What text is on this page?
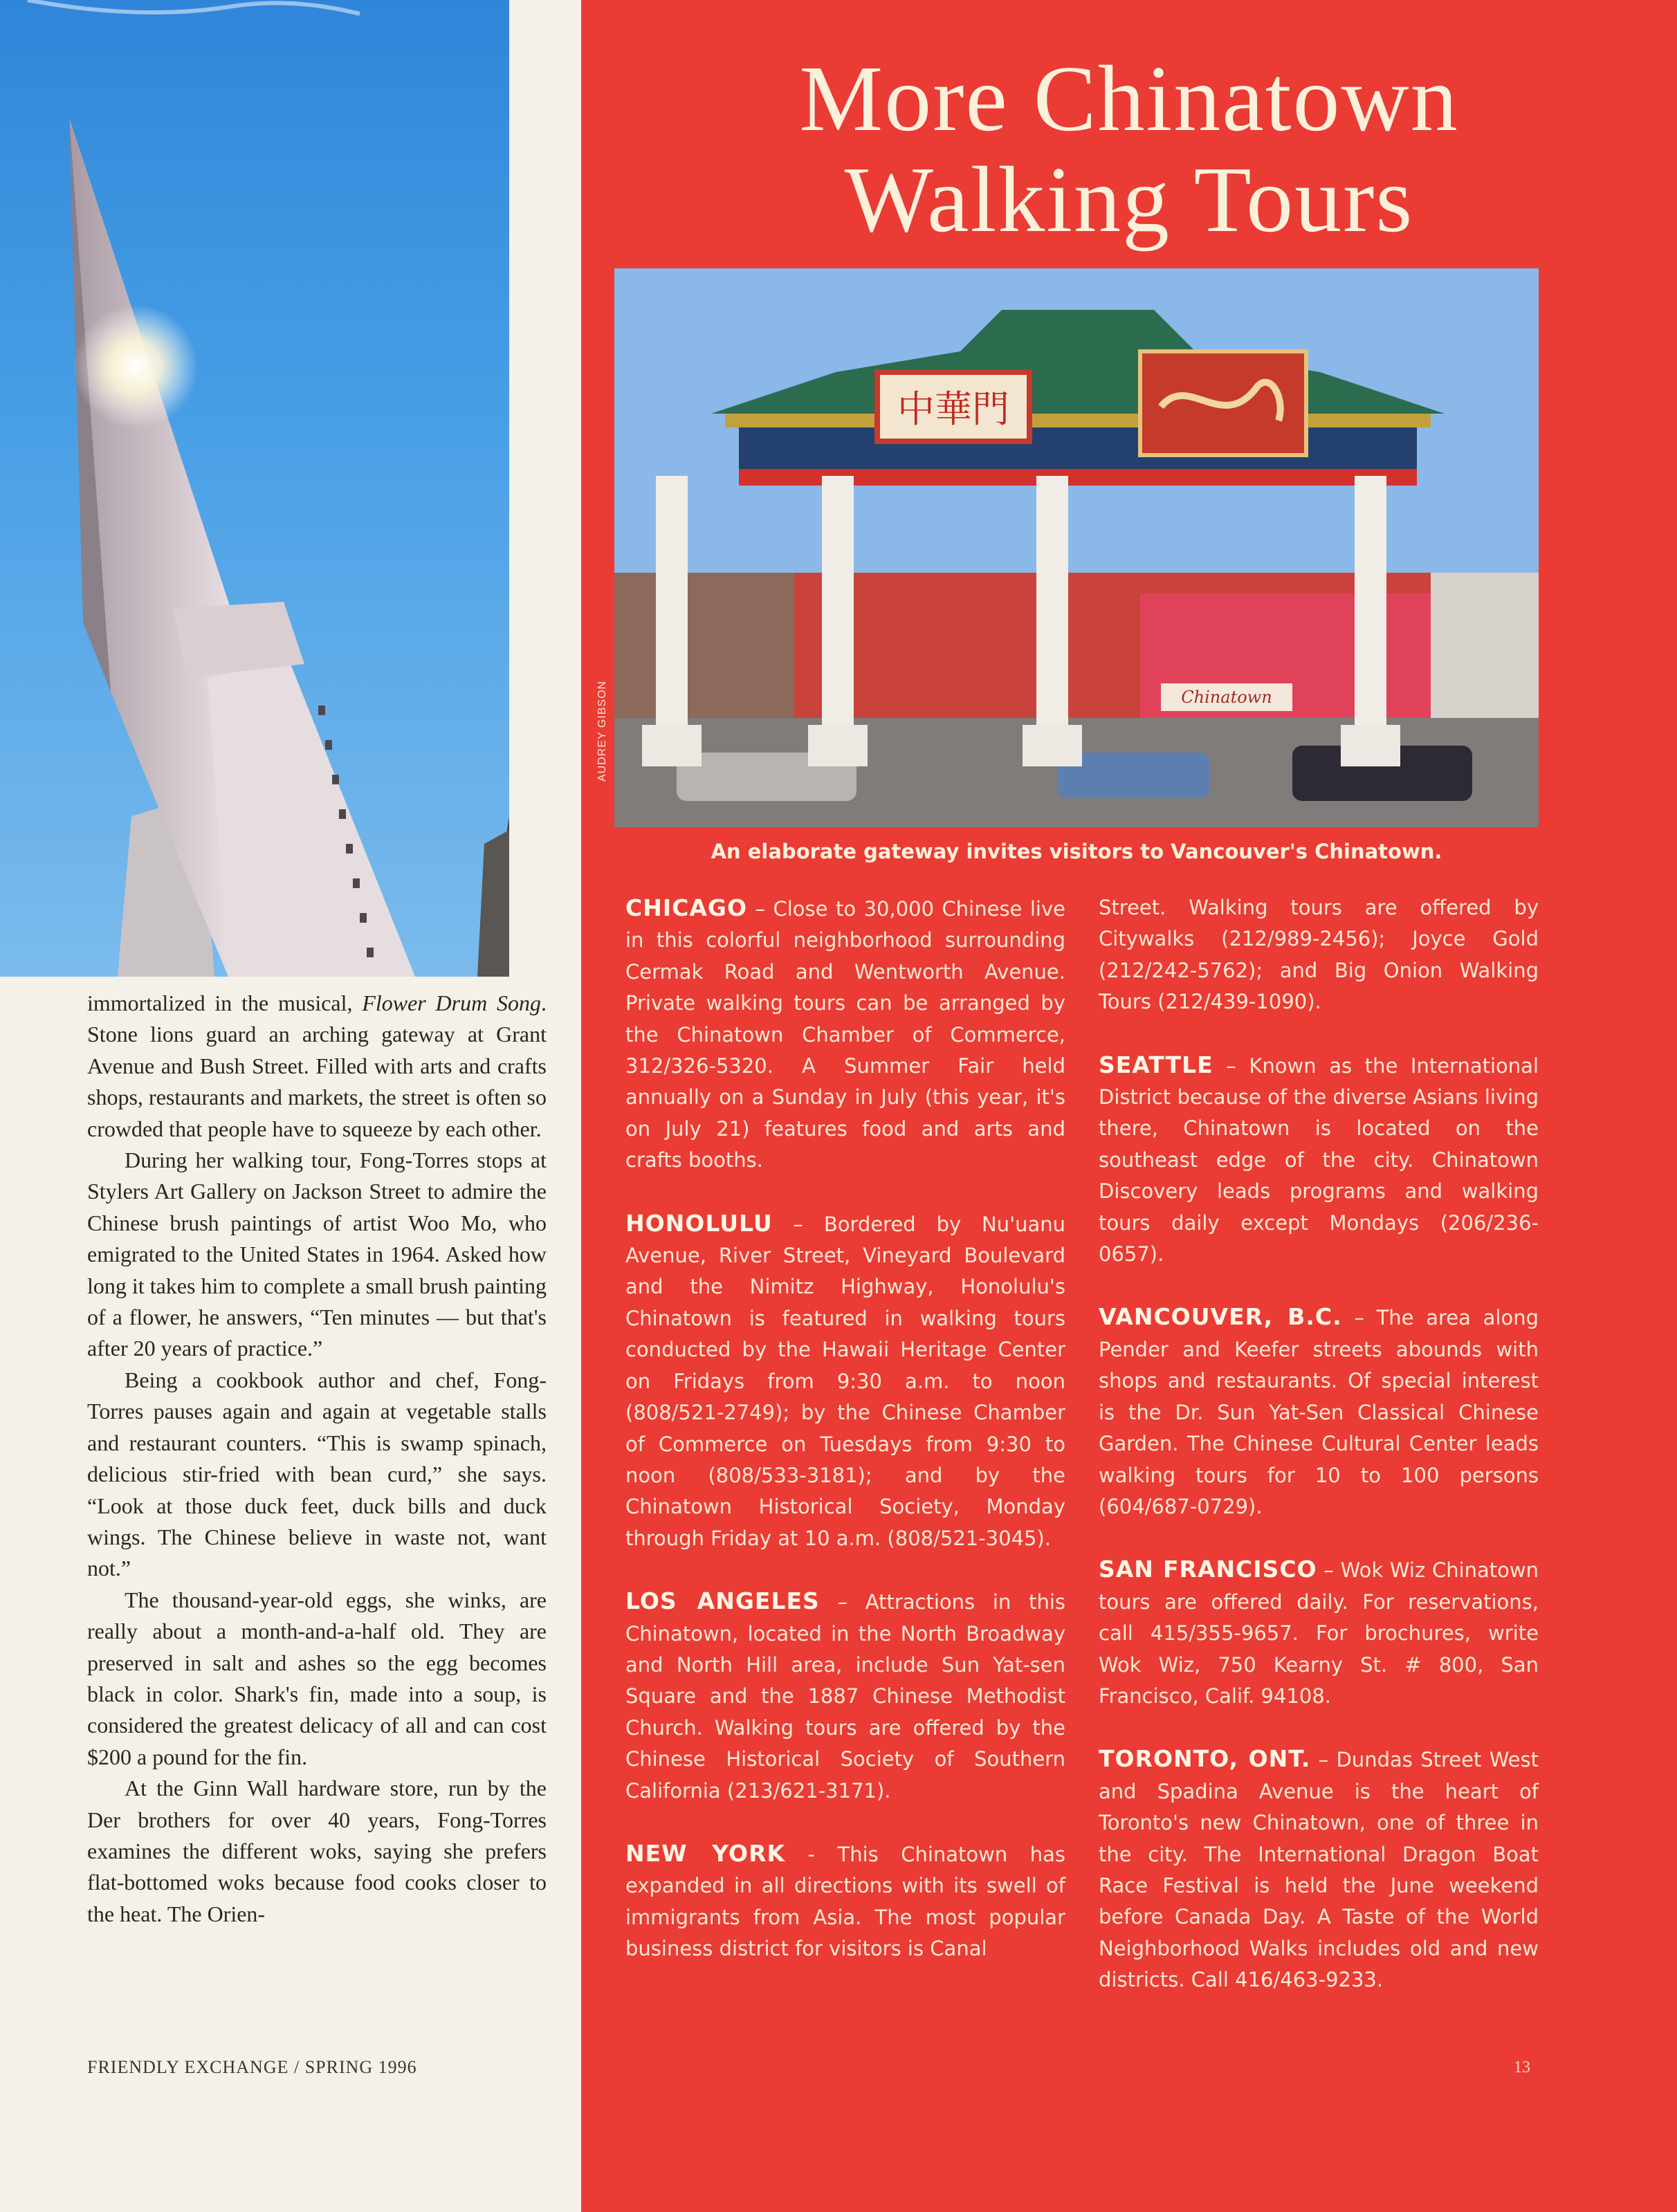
immortalized in the musical, Flower Drum Song. Stone lions guard an arching gateway at Grant Avenue and Bush Street. Filled with arts and crafts shops, restaurants and markets, the street is often so crowded that people have to squeeze by each other.

During her walking tour, Fong-Torres stops at Stylers Art Gallery on Jackson Street to admire the Chinese brush paintings of artist Woo Mo, who emigrated to the United States in 1964. Asked how long it takes him to complete a small brush painting of a flower, he answers, “Ten minutes — but that's after 20 years of practice.”

Being a cookbook author and chef, Fong-Torres pauses again and again at vegetable stalls and restaurant counters. “This is swamp spinach, delicious stir-fried with bean curd,” she says. “Look at those duck feet, duck bills and duck wings. The Chinese believe in waste not, want not.”

The thousand-year-old eggs, she winks, are really about a month-and-a-half old. They are preserved in salt and ashes so the egg becomes black in color. Shark's fin, made into a soup, is considered the greatest delicacy of all and can cost $200 a pound for the fin.

At the Ginn Wall hardware store, run by the Der brothers for over 40 years, Fong-Torres examines the different woks, saying she prefers flat-bottomed woks because food cooks closer to the heat. The Orien-

FRIENDLY EXCHANGE / SPRING 1996
More Chinatown
Walking Tours
中華門
Chinatown
AUDREY GIBSON
An elaborate gateway invites visitors to Vancouver's Chinatown.

CHICAGO – Close to 30,000 Chinese live in this colorful neighborhood surrounding Cermak Road and Wentworth Avenue. Private walking tours can be arranged by the Chinatown Chamber of Commerce, 312/326-5320. A Summer Fair held annually on a Sunday in July (this year, it's on July 21) features food and arts and crafts booths.

HONOLULU – Bordered by Nu'uanu Avenue, River Street, Vineyard Boulevard and the Nimitz Highway, Honolulu's Chinatown is featured in walking tours conducted by the Hawaii Heritage Center on Fridays from 9:30 a.m. to noon (808/521-2749); by the Chinese Chamber of Commerce on Tuesdays from 9:30 to noon (808/533-3181); and by the Chinatown Historical Society, Monday through Friday at 10 a.m. (808/521-3045).

LOS ANGELES – Attractions in this Chinatown, located in the North Broadway and North Hill area, include Sun Yat-sen Square and the 1887 Chinese Methodist Church. Walking tours are offered by the Chinese Historical Society of Southern California (213/621-3171).

NEW YORK - This Chinatown has expanded in all directions with its swell of immigrants from Asia. The most popular business district for visitors is Canal

Street. Walking tours are offered by Citywalks (212/989-2456); Joyce Gold (212/242-5762); and Big Onion Walking Tours (212/439-1090).

SEATTLE – Known as the International District because of the diverse Asians living there, Chinatown is located on the southeast edge of the city. Chinatown Discovery leads programs and walking tours daily except Mondays (206/236-0657).

VANCOUVER, B.C. – The area along Pender and Keefer streets abounds with shops and restaurants. Of special interest is the Dr. Sun Yat-Sen Classical Chinese Garden. The Chinese Cultural Center leads walking tours for 10 to 100 persons (604/687-0729).

SAN FRANCISCO – Wok Wiz Chinatown tours are offered daily. For reservations, call 415/355-9657. For brochures, write Wok Wiz, 750 Kearny St. # 800, San Francisco, Calif. 94108.

TORONTO, ONT. – Dundas Street West and Spadina Avenue is the heart of Toronto's new Chinatown, one of three in the city. The International Dragon Boat Race Festival is held the June weekend before Canada Day. A Taste of the World Neighborhood Walks includes old and new districts. Call 416/463-9233.

13
